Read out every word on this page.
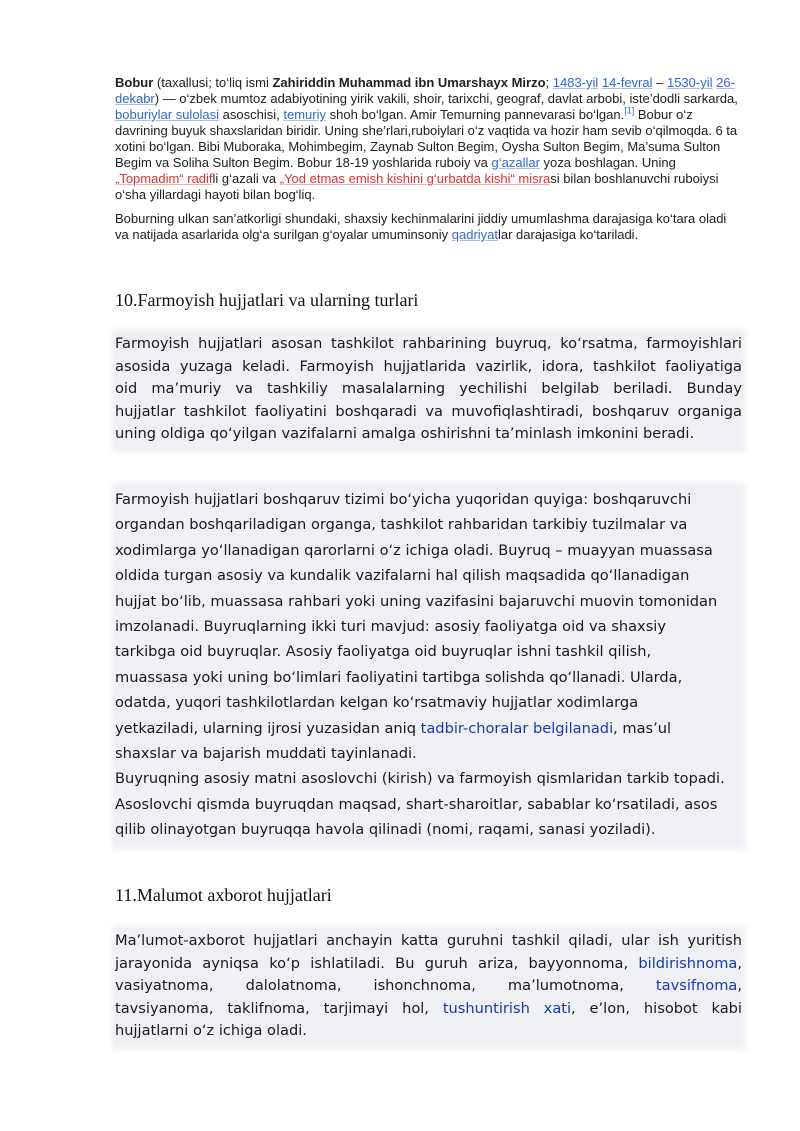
Bobur (taxallusi; to‘liq ismi Zahiriddin Muhammad ibn Umarshayx Mirzo; 1483-yil 14-fevral – 1530-yil 26-dekabr) — o‘zbek mumtoz adabiyotining yirik vakili, shoir, tarixchi, geograf, davlat arbobi, iste’dodli sarkarda, boburiylar sulolasi asoschisi, temuriy shoh bo‘lgan. Amir Temurning pannevarasi bo‘lgan.[1] Bobur o‘z davrining buyuk shaxslaridan biridir. Uning she’rlari,ruboiylari o‘z vaqtida va hozir ham sevib o‘qilmoqda. 6 ta xotini bo‘lgan. Bibi Muboraka, Mohimbegim, Zaynab Sulton Begim, Oysha Sulton Begim, Ma’suma Sulton Begim va Soliha Sulton Begim. Bobur 18-19 yoshlarida ruboiy va g‘azallar yoza boshlagan. Uning „Topmadim“ radifli g‘azali va „Yod etmas emish kishini g‘urbatda kishi“ misrasi bilan boshlanuvchi ruboiysi o‘sha yillardagi hayoti bilan bog‘liq.

Boburning ulkan san’atkorligi shundaki, shaxsiy kechinmalarini jiddiy umumlashma darajasiga ko‘tara oladi va natijada asarlarida olg‘a surilgan g‘oyalar umuminsoniy qadriyatlar darajasiga ko‘tariladi.

10.Farmoyish hujjatlari va ularning turlari
Farmoyish hujjatlari asosan tashkilot rahbarining buyruq, ko‘rsatma, farmoyishlari
asosida yuzaga keladi. Farmoyish hujjatlarida vazirlik, idora, tashkilot faoliyatiga
oid ma’muriy va tashkiliy masalalarning yechilishi belgilab beriladi. Bunday
hujjatlar tashkilot faoliyatini boshqaradi va muvofiqlashtiradi, boshqaruv organiga
uning oldiga qo‘yilgan vazifalarni amalga oshirishni ta’minlash imkonini beradi.
Farmoyish hujjatlari boshqaruv tizimi bo‘yicha yuqoridan quyiga: boshqaruvchi
organdan boshqariladigan organga, tashkilot rahbaridan tarkibiy tuzilmalar va
xodimlarga yo‘llanadigan qarorlarni o‘z ichiga oladi. Buyruq – muayyan muassasa
oldida turgan asosiy va kundalik vazifalarni hal qilish maqsadida qo‘llanadigan
hujjat bo‘lib, muassasa rahbari yoki uning vazifasini bajaruvchi muovin tomonidan
imzolanadi. Buyruqlarning ikki turi mavjud: asosiy faoliyatga oid va shaxsiy
tarkibga oid buyruqlar. Asosiy faoliyatga oid buyruqlar ishni tashkil qilish,
muassasa yoki uning bo‘limlari faoliyatini tartibga solishda qo‘llanadi. Ularda,
odatda, yuqori tashkilotlardan kelgan ko‘rsatmaviy hujjatlar xodimlarga
yetkaziladi, ularning ijrosi yuzasidan aniq tadbir-choralar belgilanadi, mas’ul
shaxslar va bajarish muddati tayinlanadi.
Buyruqning asosiy matni asoslovchi (kirish) va farmoyish qismlaridan tarkib topadi.
Asoslovchi qismda buyruqdan maqsad, shart-sharoitlar, sabablar ko‘rsatiladi, asos
qilib olinayotgan buyruqqa havola qilinadi (nomi, raqami, sanasi yoziladi).
11.Malumot axborot hujjatlari
Ma’lumot-axborot hujjatlari anchayin katta guruhni tashkil qiladi, ular ish yuritish
jarayonida ayniqsa ko‘p ishlatiladi. Bu guruh ariza, bayyonnoma, bildirishnoma,
vasiyatnoma, dalolatnoma, ishonchnoma, ma’lumotnoma, tavsifnoma,
tavsiyanoma, taklifnoma, tarjimayi hol, tushuntirish xati, e’lon, hisobot kabi
hujjatlarni o‘z ichiga oladi.
